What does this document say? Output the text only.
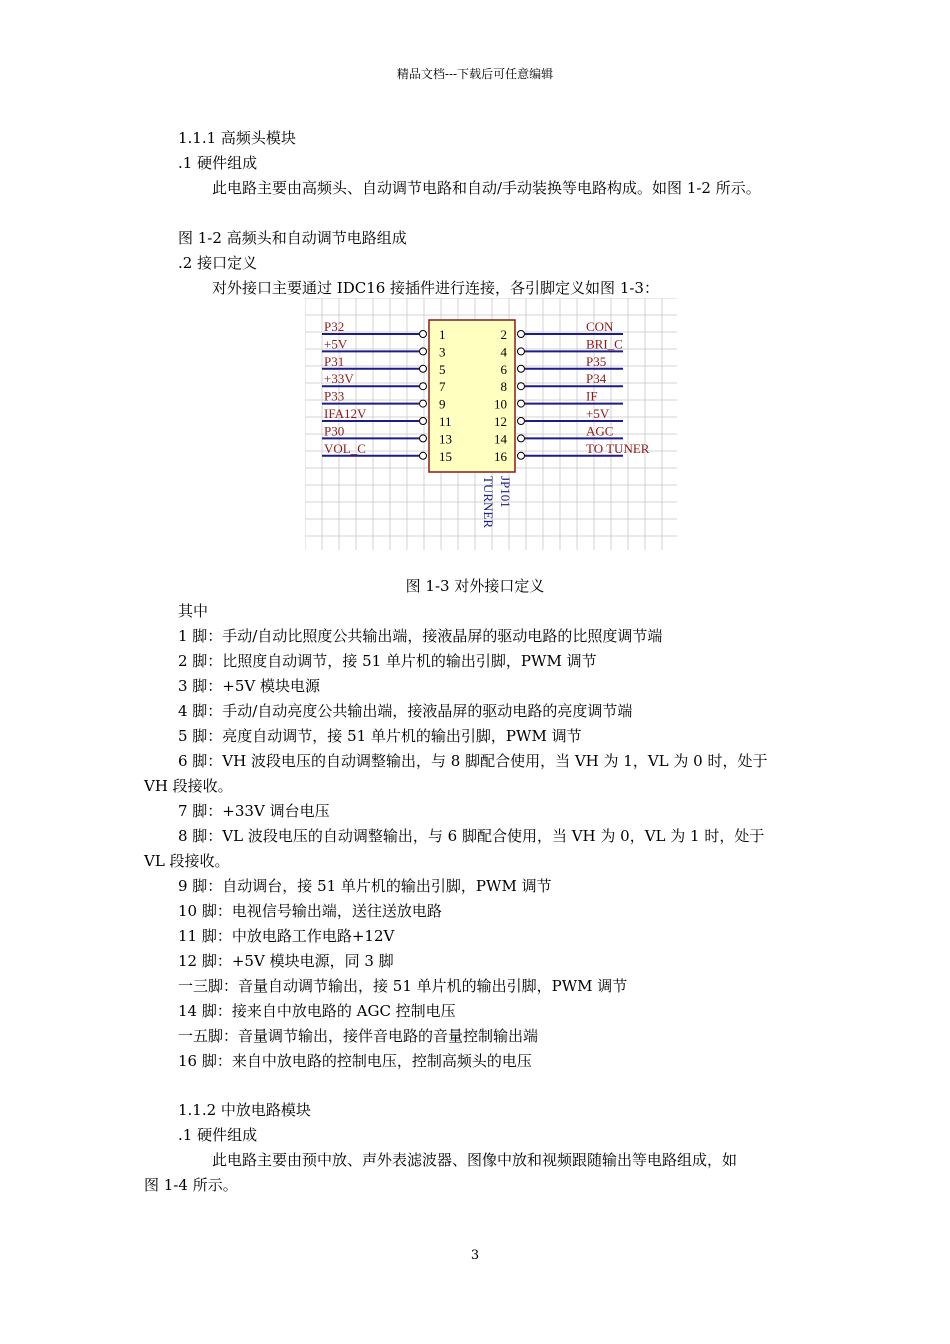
精品文档---下载后可任意编辑
1.1.1 高频头模块
.1 硬件组成
此电路主要由高频头、自动调节电路和自动/手动装换等电路构成。如图 1-2 所示。
图 1-2 高频头和自动调节电路组成
.2 接口定义
对外接口主要通过 IDC16 接插件进行连接，各引脚定义如图 1-3：
P32
1
+5V
3
P31
5
+33V
7
P33
9
IFA12V
11
P30
13
VOL_C
15
CON
2
BRI_C
4
P35
6
P34
8
IF
10
+5V
12
AGC
14
TO TUNER
16
JP101
TURNER
图 1-3 对外接口定义
其中
1 脚：手动/自动比照度公共输出端，接液晶屏的驱动电路的比照度调节端
2 脚：比照度自动调节，接 51 单片机的输出引脚，PWM 调节
3 脚：+5V 模块电源
4 脚：手动/自动亮度公共输出端，接液晶屏的驱动电路的亮度调节端
5 脚：亮度自动调节，接 51 单片机的输出引脚，PWM 调节
6 脚：VH 波段电压的自动调整输出，与 8 脚配合使用，当 VH 为 1，VL 为 0 时，处于
VH 段接收。
7 脚：+33V 调台电压
8 脚：VL 波段电压的自动调整输出，与 6 脚配合使用，当 VH 为 0，VL 为 1 时，处于
VL 段接收。
9 脚：自动调台，接 51 单片机的输出引脚，PWM 调节
10 脚：电视信号输出端，送往送放电路
11 脚：中放电路工作电路+12V
12 脚：+5V 模块电源，同 3 脚
一三脚：音量自动调节输出，接 51 单片机的输出引脚，PWM 调节
14 脚：接来自中放电路的 AGC 控制电压
一五脚：音量调节输出，接伴音电路的音量控制输出端
16 脚：来自中放电路的控制电压，控制高频头的电压
1.1.2 中放电路模块
.1 硬件组成
此电路主要由预中放、声外表滤波器、图像中放和视频跟随输出等电路组成，如
图 1-4 所示。
3
